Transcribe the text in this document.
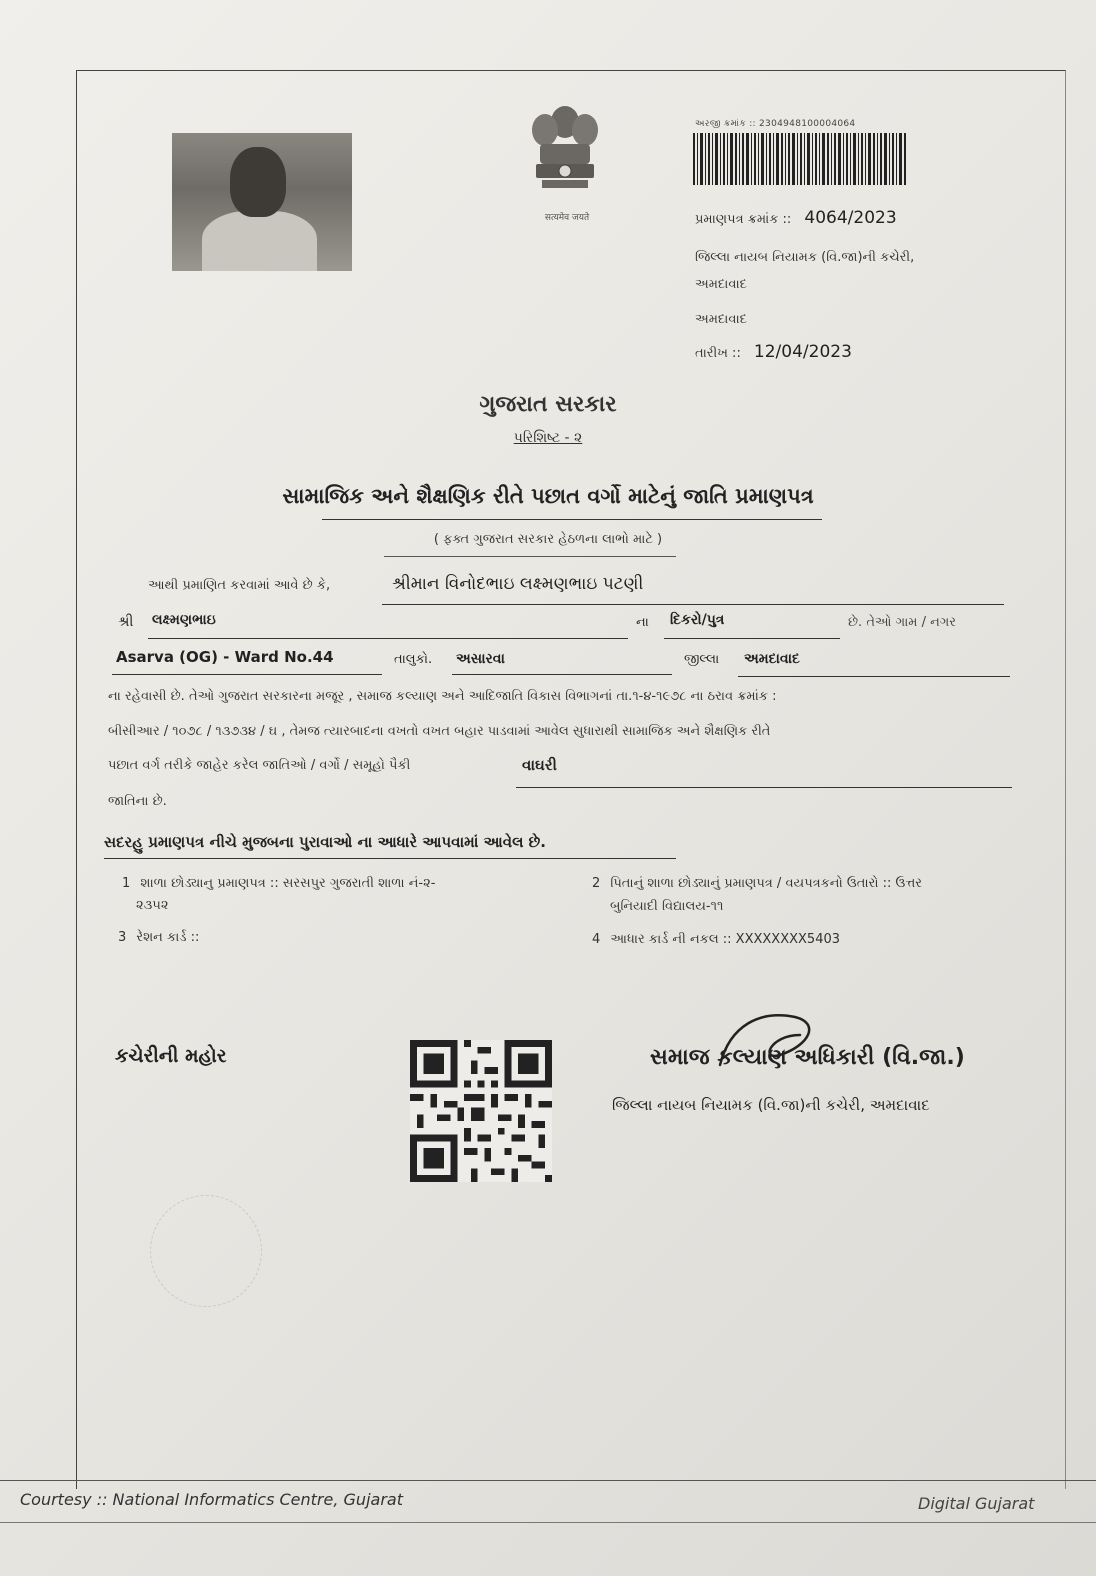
सत्यमेव जयते
અરજી ક્રમાંક :: 2304948100004064
પ્રમાણપત્ર ક્રમાંક :: 4064/2023
જિલ્લા નાયબ નિયામક (વિ.જા)ની કચેરી,
અમદાવાદ
અમદાવાદ
તારીખ :: 12/04/2023
ગુજરાત સરકાર
પરિશિષ્ટ - ૨
સામાજિક અને શૈક્ષણિક રીતે પછાત વર્ગો માટેનું જાતિ પ્રમાણપત્ર
( ફક્ત ગુજરાત સરકાર હેઠળના લાભો માટે )
આથી પ્રમાણિત કરવામાં આવે છે કે,	શ્રીમાન વિનોદભાઇ લક્ષ્મણભાઇ પટણી
શ્રી લક્ષ્મણભાઇ	ના દિકરો/પુત્ર	છે. તેઓ ગામ / નગર
Asarva (OG) - Ward No.44	તાલુકો. અસારવા	જીલ્લા અમદાવાદ
ના રહેવાસી છે. તેઓ ગુજરાત સરકારના મજૂર , સમાજ કલ્યાણ અને આદિજાતિ વિકાસ વિભાગનાં તા.૧-૪-૧૯૭૮ ના ઠરાવ ક્રમાંક :
બીસીઆર / ૧૦૭૮ / ૧૩૭૩૪ / ઘ , તેમજ ત્યારબાદના વખતો વખત બહાર પાડવામાં આવેલ સુધારાથી સામાજિક અને શૈક્ષણિક રીતે
પછાત વર્ગ તરીકે જાહેર કરેલ જાતિઓ / વર્ગો / સમૂહો પૈકી	વાઘરી
જાતિના છે.
સદરહુ પ્રમાણપત્ર નીચે મુજબના પુરાવાઓ ના આધારે આપવામાં આવેલ છે.
1 શાળા છોડ્યાનુ પ્રમાણપત્ર :: સરસપુર ગુજરાતી શાળા નં-૨-
૨૩૫૨
2 પિતાનું શાળા છોડ્યાનું પ્રમાણપત્ર / વયપત્રકનો ઉતારો :: ઉત્તર
બુનિયાદી વિદ્યાલય-૧૧
3 રેશન કાર્ડ ::	4 આધાર કાર્ડ ની નકલ :: XXXXXXXX5403
કચેરીની મહોર	સમાજ કલ્યાણ અધિકારી (વિ.જા.)
જિલ્લા નાયબ નિયામક (વિ.જા)ની કચેરી, અમદાવાદ
Courtesy :: National Informatics Centre, Gujarat	Digital Gujarat
